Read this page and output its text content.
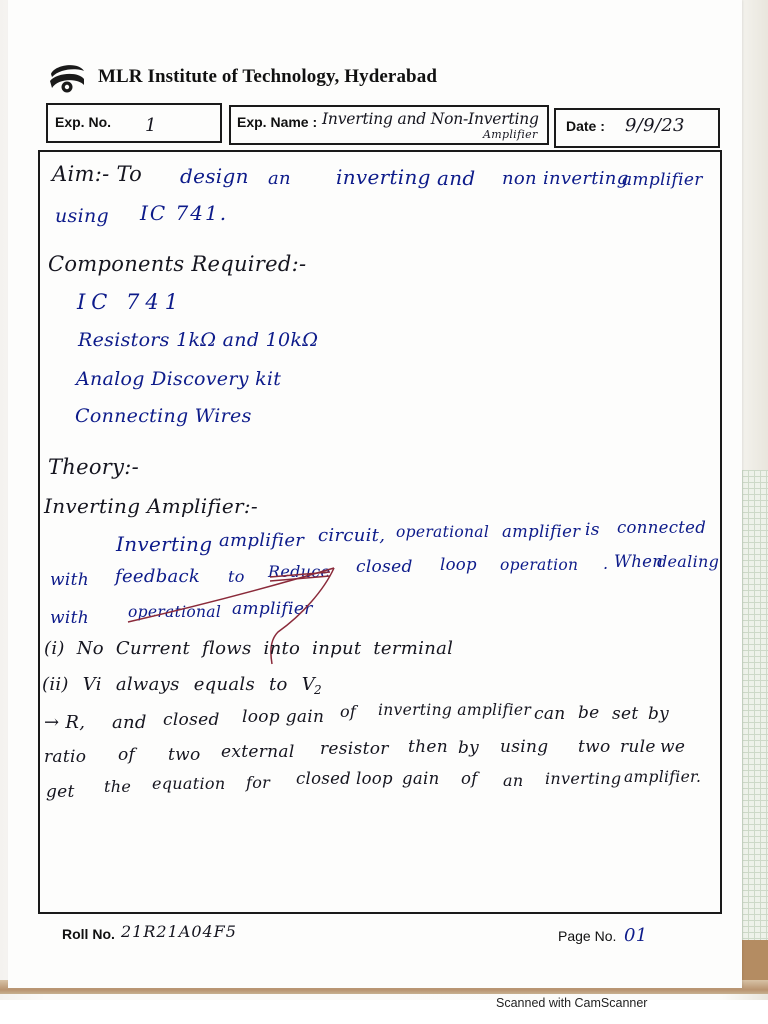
MLR Institute of Technology, Hyderabad
Exp. No. 1	Exp. Name : Inverting and Non-Inverting
Amplifier
Date : 9/9/23
Aim:- To design an inverting and non inverting
amplifier
using IC 741.
Components Required:-
IC 741
Resistors 1kΩ and 10kΩ
Analog Discovery kit
Connecting Wires
Theory:-
Inverting Amplifier:-
Inverting amplifier circuit, operational amplifier is connected
with feedback to Reduce closed loop operation . When
dealing
with	operational amplifier
(i) No Current flows into input terminal
(ii) Vi always equals to V
2
→ R, and closed loop gain of inverting amplifier can be set by
ratio of two external resistor then by using two rule we
get the equation for closed loop gain of an inverting amplifier.
Roll No. 21R21A04F5	Page No. 01
Scanned with CamScanner
